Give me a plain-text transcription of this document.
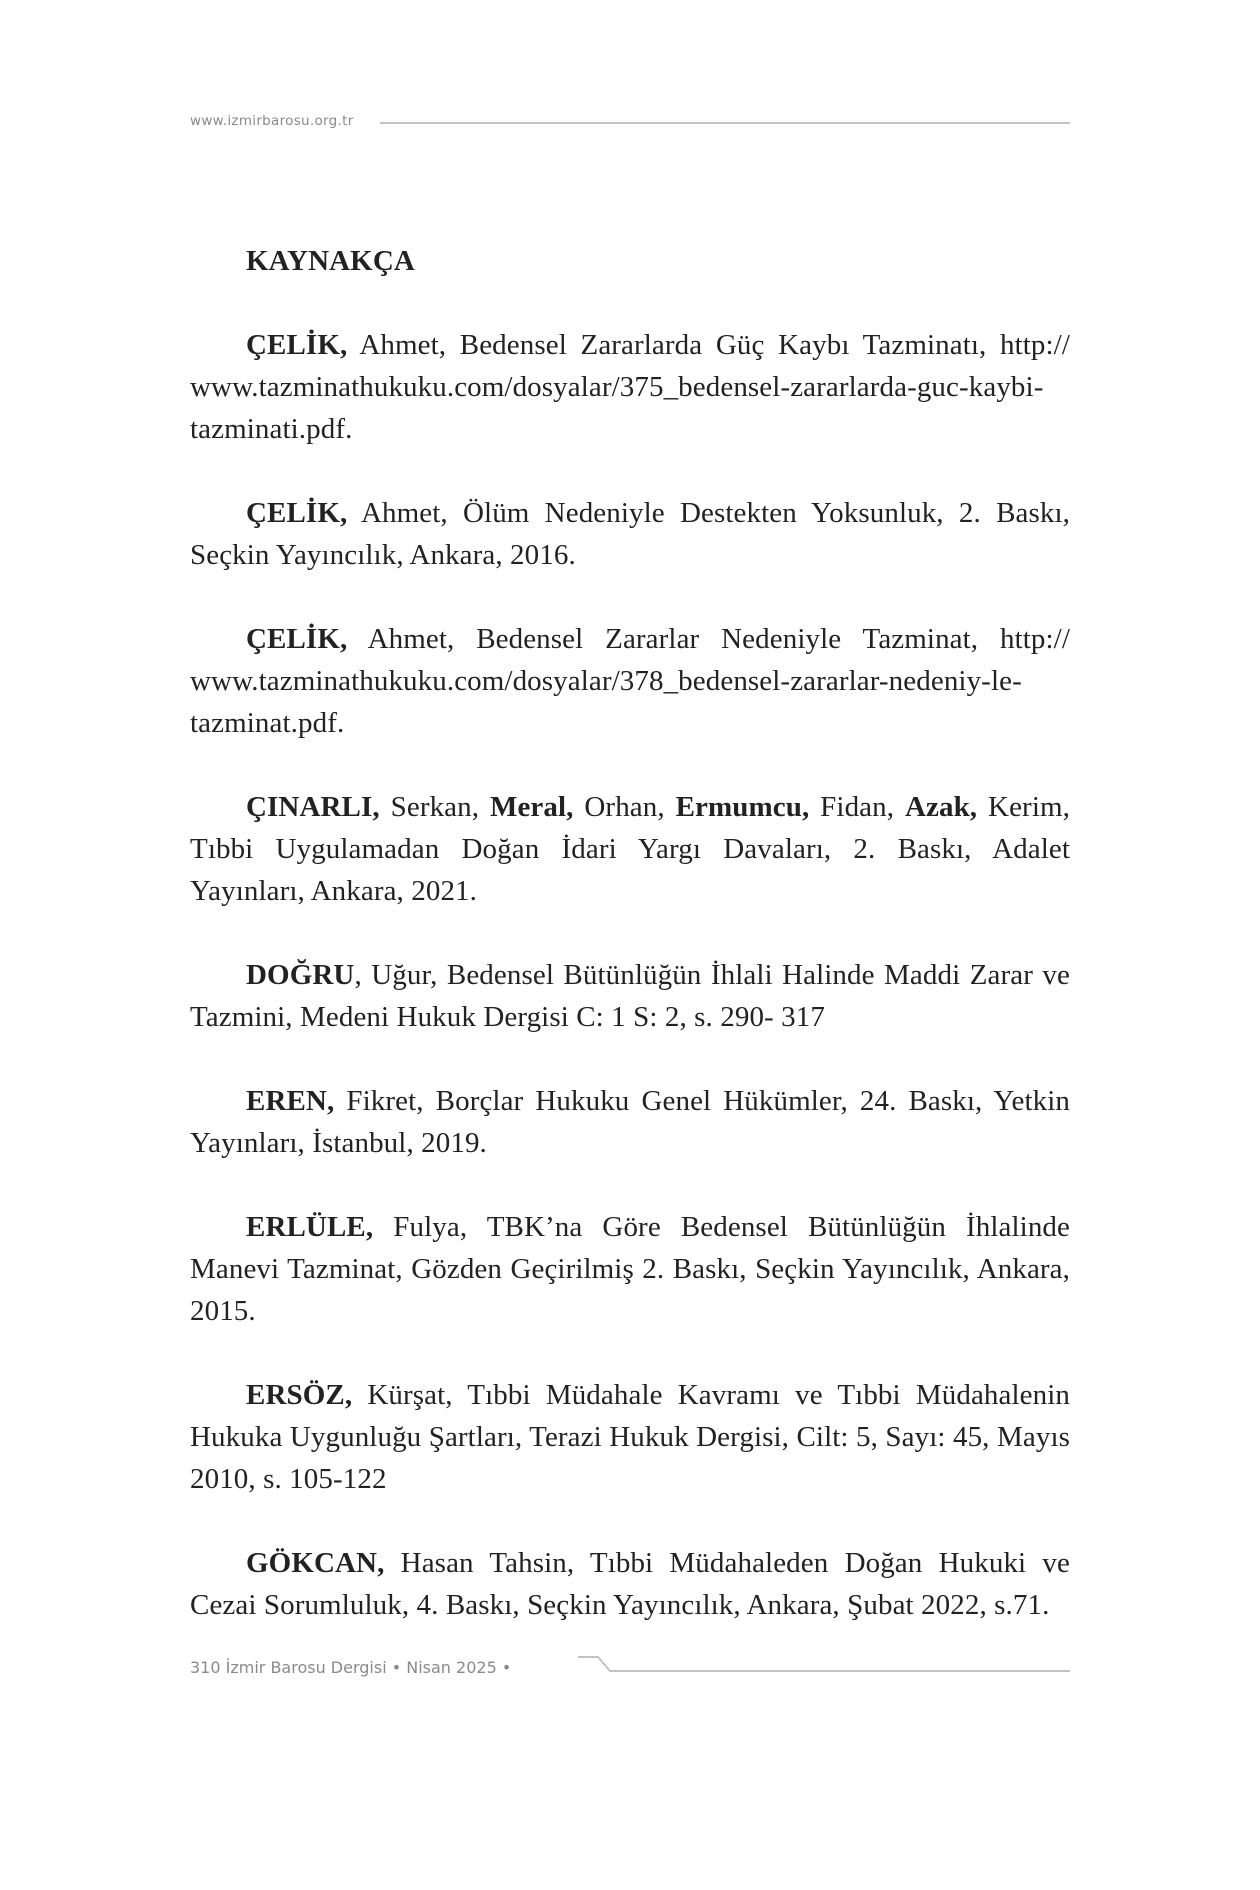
www.izmirbarosu.org.tr
KAYNAKÇA

ÇELİK, Ahmet, Bedensel Zararlarda Güç Kaybı Tazminatı, http:// www.tazminathukuku.com/dosyalar/375_bedensel-zararlarda-guc-kaybi-tazminati.pdf.

ÇELİK, Ahmet, Ölüm Nedeniyle Destekten Yoksunluk, 2. Baskı, Seçkin Yayıncılık, Ankara, 2016.

ÇELİK, Ahmet, Bedensel Zararlar Nedeniyle Tazminat, http:// www.tazminathukuku.com/dosyalar/378_bedensel-zararlar-nedeniy-le-tazminat.pdf.

ÇINARLI, Serkan, Meral, Orhan, Ermumcu, Fidan, Azak, Kerim, Tıbbi Uygulamadan Doğan İdari Yargı Davaları, 2. Baskı, Adalet Yayınları, Ankara, 2021.

DOĞRU, Uğur, Bedensel Bütünlüğün İhlali Halinde Maddi Zarar ve Tazmini, Medeni Hukuk Dergisi C: 1 S: 2, s. 290- 317

EREN, Fikret, Borçlar Hukuku Genel Hükümler, 24. Baskı, Yetkin Yayınları, İstanbul, 2019.

ERLÜLE, Fulya, TBK’na Göre Bedensel Bütünlüğün İhlalinde Manevi Tazminat, Gözden Geçirilmiş 2. Baskı, Seçkin Yayıncılık, Ankara, 2015.

ERSÖZ, Kürşat, Tıbbi Müdahale Kavramı ve Tıbbi Müdahalenin Hukuka Uygunluğu Şartları, Terazi Hukuk Dergisi, Cilt: 5, Sayı: 45, Mayıs 2010, s. 105-122

GÖKCAN, Hasan Tahsin, Tıbbi Müdahaleden Doğan Hukuki ve Cezai Sorumluluk, 4. Baskı, Seçkin Yayıncılık, Ankara, Şubat 2022, s.71.

310 İzmir Barosu Dergisi • Nisan 2025 •
